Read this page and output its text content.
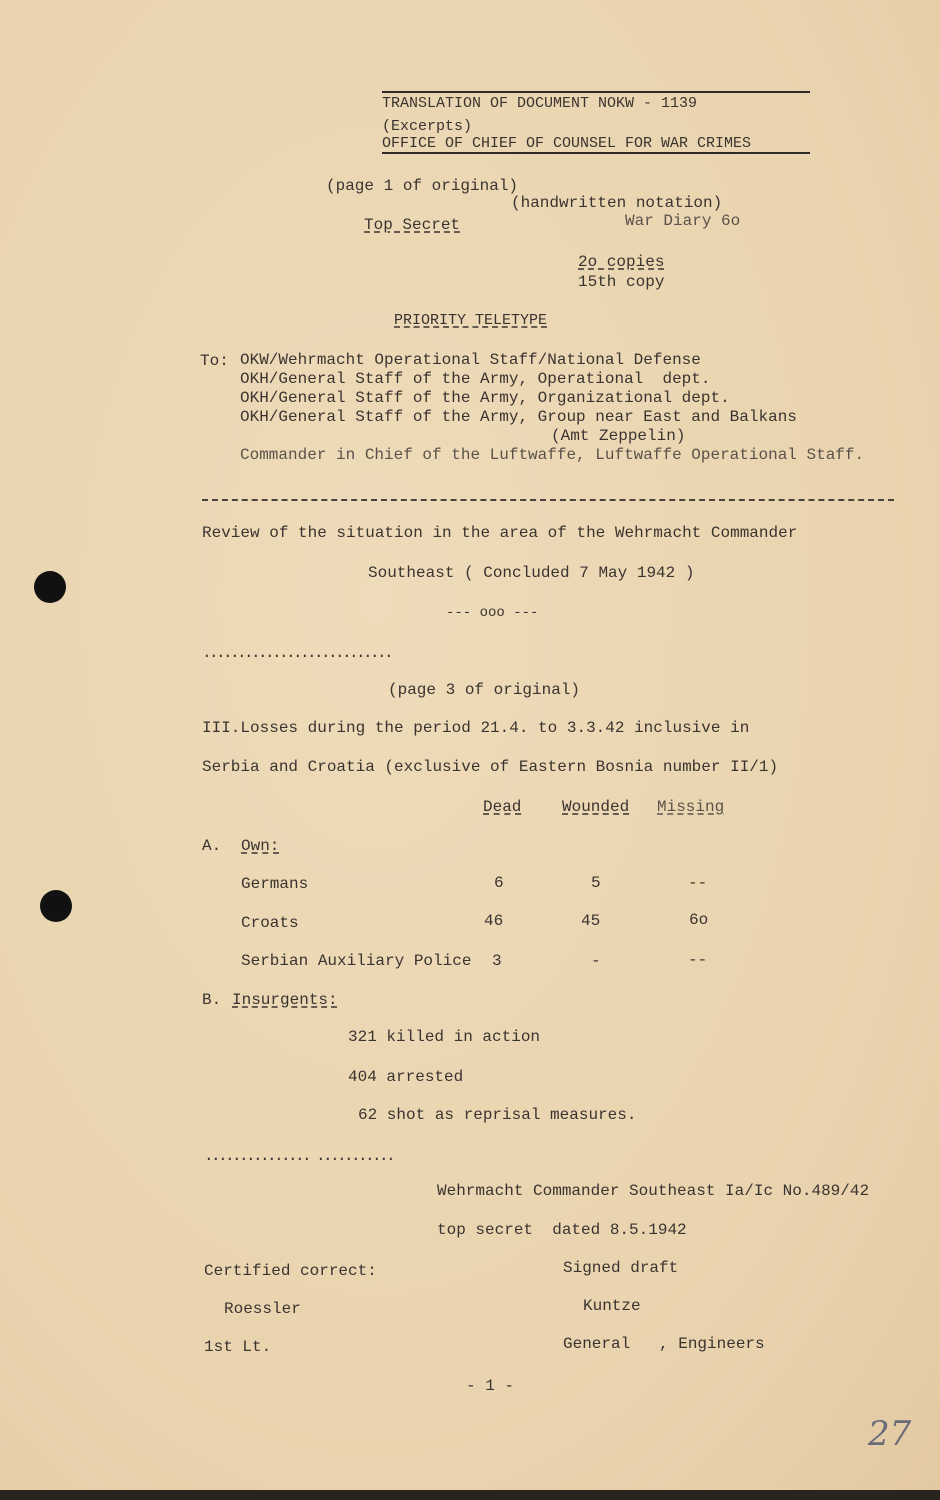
TRANSLATION OF DOCUMENT NOKW - 1139
(Excerpts)
OFFICE OF CHIEF OF COUNSEL FOR WAR CRIMES
(page 1 of original)
(handwritten notation)
Top Secret	War Diary 6o
2o copies
15th copy
PRIORITY TELETYPE
To: OKW/Wehrmacht Operational Staff/National Defense
OKH/General Staff of the Army, Operational  dept.
OKH/General Staff of the Army, Organizational dept.
OKH/General Staff of the Army, Group near East and Balkans
(Amt Zeppelin)
Commander in Chief of the Luftwaffe, Luftwaffe Operational Staff.
Review of the situation in the area of the Wehrmacht Commander
Southeast ( Concluded 7 May 1942 )
--- ooo ---
...........................
(page 3 of original)
III.Losses during the period 21.4. to 3.3.42 inclusive in
Serbia and Croatia (exclusive of Eastern Bosnia number II/1)
Dead	Wounded Missing
A. Own:
Germans	6	5	--
Croats	46	45	6o
Serbian Auxiliary Police 3	-	--
B. Insurgents:
321 killed in action
404 arrested
62 shot as reprisal measures.
............... ...........
Wehrmacht Commander Southeast Ia/Ic No.489/42
top secret  dated 8.5.1942
Certified correct:
Roessler
1st Lt.
Signed draft
Kuntze
General   , Engineers
- 1 -
27
